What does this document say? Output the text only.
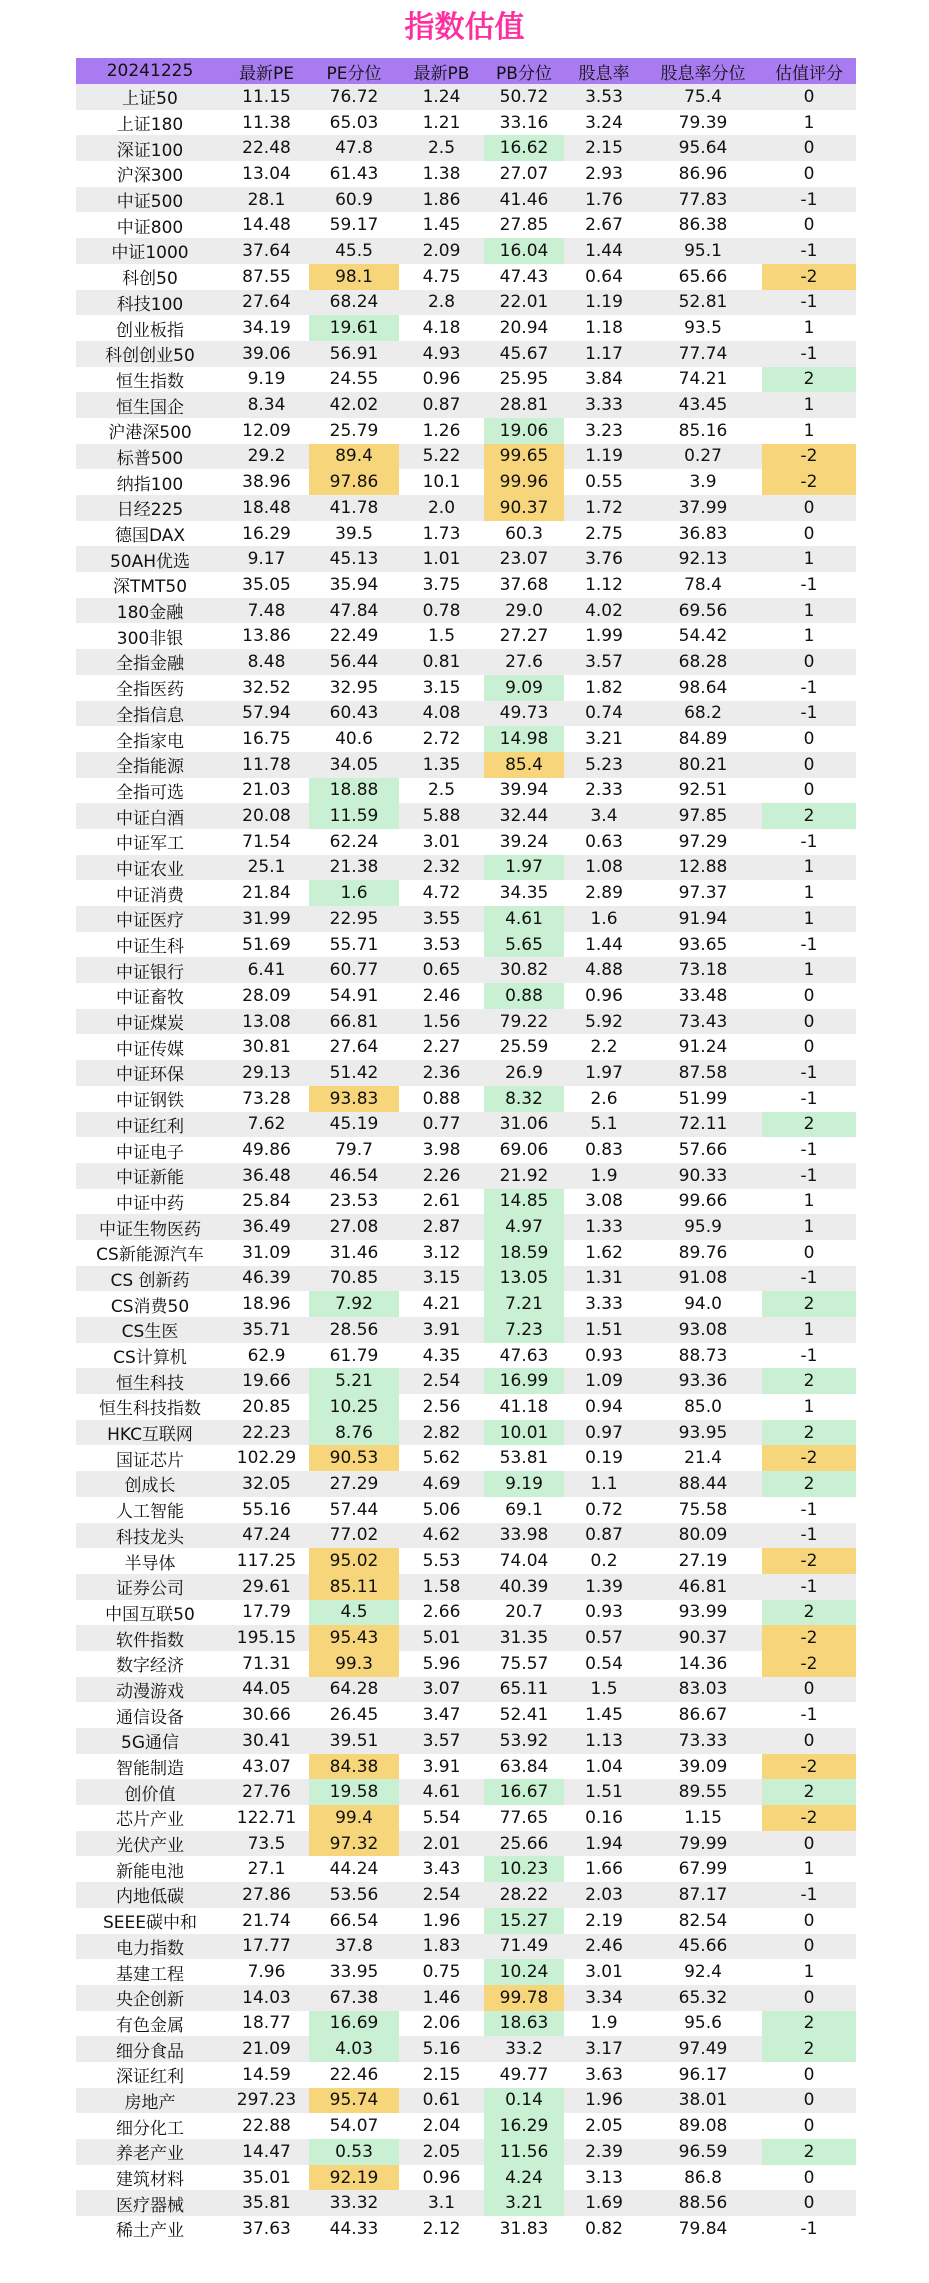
指数估值
20241225	最新PE	PE分位	最新PB	PB分位	股息率	股息率分位	估值评分
上证50	11.15	76.72	1.24	50.72	3.53	75.4	0
上证180	11.38	65.03	1.21	33.16	3.24	79.39	1
深证100	22.48	47.8	2.5	16.62	2.15	95.64	0
沪深300	13.04	61.43	1.38	27.07	2.93	86.96	0
中证500	28.1	60.9	1.86	41.46	1.76	77.83	-1
中证800	14.48	59.17	1.45	27.85	2.67	86.38	0
中证1000	37.64	45.5	2.09	16.04	1.44	95.1	-1
科创50	87.55	98.1	4.75	47.43	0.64	65.66	-2
科技100	27.64	68.24	2.8	22.01	1.19	52.81	-1
创业板指	34.19	19.61	4.18	20.94	1.18	93.5	1
科创创业50	39.06	56.91	4.93	45.67	1.17	77.74	-1
恒生指数	9.19	24.55	0.96	25.95	3.84	74.21	2
恒生国企	8.34	42.02	0.87	28.81	3.33	43.45	1
沪港深500	12.09	25.79	1.26	19.06	3.23	85.16	1
标普500	29.2	89.4	5.22	99.65	1.19	0.27	-2
纳指100	38.96	97.86	10.1	99.96	0.55	3.9	-2
日经225	18.48	41.78	2.0	90.37	1.72	37.99	0
德国DAX	16.29	39.5	1.73	60.3	2.75	36.83	0
50AH优选	9.17	45.13	1.01	23.07	3.76	92.13	1
深TMT50	35.05	35.94	3.75	37.68	1.12	78.4	-1
180金融	7.48	47.84	0.78	29.0	4.02	69.56	1
300非银	13.86	22.49	1.5	27.27	1.99	54.42	1
全指金融	8.48	56.44	0.81	27.6	3.57	68.28	0
全指医药	32.52	32.95	3.15	9.09	1.82	98.64	-1
全指信息	57.94	60.43	4.08	49.73	0.74	68.2	-1
全指家电	16.75	40.6	2.72	14.98	3.21	84.89	0
全指能源	11.78	34.05	1.35	85.4	5.23	80.21	0
全指可选	21.03	18.88	2.5	39.94	2.33	92.51	0
中证白酒	20.08	11.59	5.88	32.44	3.4	97.85	2
中证军工	71.54	62.24	3.01	39.24	0.63	97.29	-1
中证农业	25.1	21.38	2.32	1.97	1.08	12.88	1
中证消费	21.84	1.6	4.72	34.35	2.89	97.37	1
中证医疗	31.99	22.95	3.55	4.61	1.6	91.94	1
中证生科	51.69	55.71	3.53	5.65	1.44	93.65	-1
中证银行	6.41	60.77	0.65	30.82	4.88	73.18	1
中证畜牧	28.09	54.91	2.46	0.88	0.96	33.48	0
中证煤炭	13.08	66.81	1.56	79.22	5.92	73.43	0
中证传媒	30.81	27.64	2.27	25.59	2.2	91.24	0
中证环保	29.13	51.42	2.36	26.9	1.97	87.58	-1
中证钢铁	73.28	93.83	0.88	8.32	2.6	51.99	-1
中证红利	7.62	45.19	0.77	31.06	5.1	72.11	2
中证电子	49.86	79.7	3.98	69.06	0.83	57.66	-1
中证新能	36.48	46.54	2.26	21.92	1.9	90.33	-1
中证中药	25.84	23.53	2.61	14.85	3.08	99.66	1
中证生物医药	36.49	27.08	2.87	4.97	1.33	95.9	1
CS新能源汽车	31.09	31.46	3.12	18.59	1.62	89.76	0
CS 创新药	46.39	70.85	3.15	13.05	1.31	91.08	-1
CS消费50	18.96	7.92	4.21	7.21	3.33	94.0	2
CS生医	35.71	28.56	3.91	7.23	1.51	93.08	1
CS计算机	62.9	61.79	4.35	47.63	0.93	88.73	-1
恒生科技	19.66	5.21	2.54	16.99	1.09	93.36	2
恒生科技指数	20.85	10.25	2.56	41.18	0.94	85.0	1
HKC互联网	22.23	8.76	2.82	10.01	0.97	93.95	2
国证芯片	102.29	90.53	5.62	53.81	0.19	21.4	-2
创成长	32.05	27.29	4.69	9.19	1.1	88.44	2
人工智能	55.16	57.44	5.06	69.1	0.72	75.58	-1
科技龙头	47.24	77.02	4.62	33.98	0.87	80.09	-1
半导体	117.25	95.02	5.53	74.04	0.2	27.19	-2
证券公司	29.61	85.11	1.58	40.39	1.39	46.81	-1
中国互联50	17.79	4.5	2.66	20.7	0.93	93.99	2
软件指数	195.15	95.43	5.01	31.35	0.57	90.37	-2
数字经济	71.31	99.3	5.96	75.57	0.54	14.36	-2
动漫游戏	44.05	64.28	3.07	65.11	1.5	83.03	0
通信设备	30.66	26.45	3.47	52.41	1.45	86.67	-1
5G通信	30.41	39.51	3.57	53.92	1.13	73.33	0
智能制造	43.07	84.38	3.91	63.84	1.04	39.09	-2
创价值	27.76	19.58	4.61	16.67	1.51	89.55	2
芯片产业	122.71	99.4	5.54	77.65	0.16	1.15	-2
光伏产业	73.5	97.32	2.01	25.66	1.94	79.99	0
新能电池	27.1	44.24	3.43	10.23	1.66	67.99	1
内地低碳	27.86	53.56	2.54	28.22	2.03	87.17	-1
SEEE碳中和	21.74	66.54	1.96	15.27	2.19	82.54	0
电力指数	17.77	37.8	1.83	71.49	2.46	45.66	0
基建工程	7.96	33.95	0.75	10.24	3.01	92.4	1
央企创新	14.03	67.38	1.46	99.78	3.34	65.32	0
有色金属	18.77	16.69	2.06	18.63	1.9	95.6	2
细分食品	21.09	4.03	5.16	33.2	3.17	97.49	2
深证红利	14.59	22.46	2.15	49.77	3.63	96.17	0
房地产	297.23	95.74	0.61	0.14	1.96	38.01	0
细分化工	22.88	54.07	2.04	16.29	2.05	89.08	0
养老产业	14.47	0.53	2.05	11.56	2.39	96.59	2
建筑材料	35.01	92.19	0.96	4.24	3.13	86.8	0
医疗器械	35.81	33.32	3.1	3.21	1.69	88.56	0
稀土产业	37.63	44.33	2.12	31.83	0.82	79.84	-1
